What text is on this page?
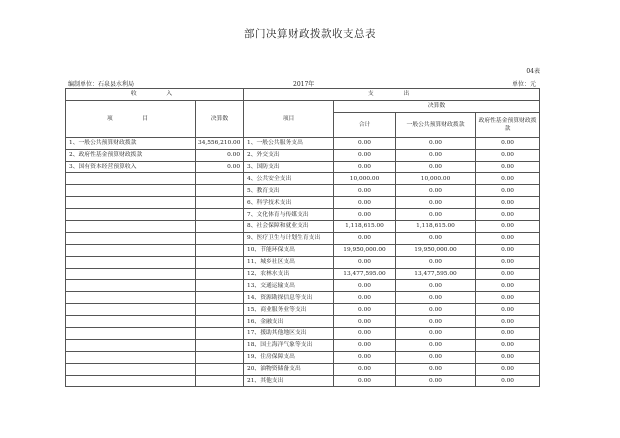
部门决算财政拨款收支总表
04表
编制单位：石泉县水利局	2017年	单位：元
收　　入		支　　出			
项　　目	决算数	项目	决算数		
			合计	一般公共预算财政拨款	政府性基金预算财政拨款
1、一般公共预算财政拨款	34,556,210.00	1、一般公共服务支出	0.00	0.00	0.00
2、政府性基金预算财政拨款	0.00	2、外交支出	0.00	0.00	0.00
3、国有资本经营预算收入	0.00	3、国防支出	0.00	0.00	0.00
		4、公共安全支出	10,000.00	10,000.00	0.00
		5、教育支出	0.00	0.00	0.00
		6、科学技术支出	0.00	0.00	0.00
		7、文化体育与传媒支出	0.00	0.00	0.00
		8、社会保障和就业支出	1,118,615.00	1,118,615.00	0.00
		9、医疗卫生与计划生育支出	0.00	0.00	0.00
		10、节能环保支出	19,950,000.00	19,950,000.00	0.00
		11、城乡社区支出	0.00	0.00	0.00
		12、农林水支出	13,477,595.00	13,477,595.00	0.00
		13、交通运输支出	0.00	0.00	0.00
		14、资源勘探信息等支出	0.00	0.00	0.00
		15、商业服务业等支出	0.00	0.00	0.00
		16、金融支出	0.00	0.00	0.00
		17、援助其他地区支出	0.00	0.00	0.00
		18、国土海洋气象等支出	0.00	0.00	0.00
		19、住房保障支出	0.00	0.00	0.00
		20、油物资储备支出	0.00	0.00	0.00
		21、其他支出	0.00	0.00	0.00
